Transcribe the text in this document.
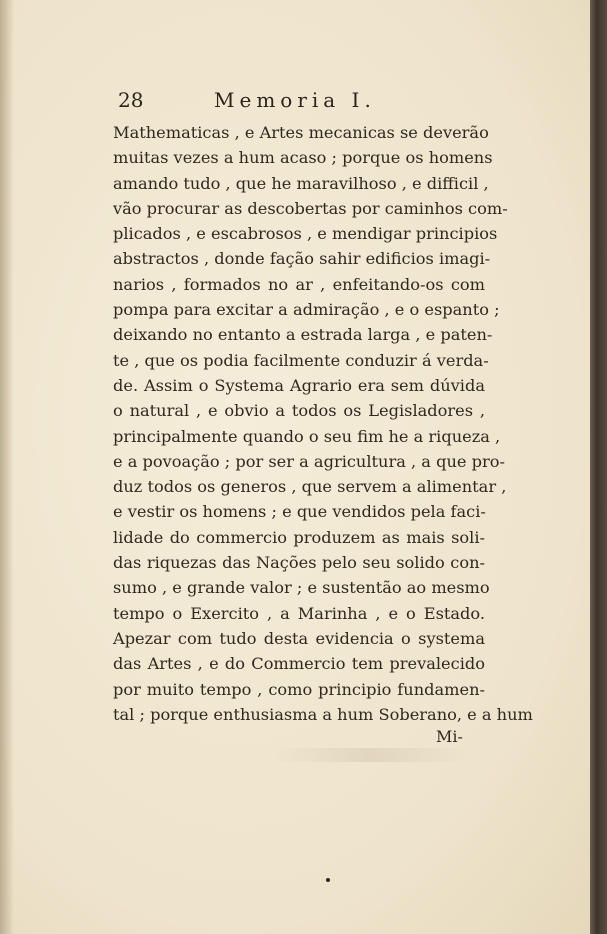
28	Memoria I.
Mathematicas , e Artes mecanicas se deverão
muitas vezes a hum acaso ; porque os homens
amando tudo , que he maravilhoso , e difficil ,
vão procurar as descobertas por caminhos com-
plicados , e escabrosos , e mendigar principios
abstractos , donde fação sahir edificios imagi-
narios , formados no ar , enfeitando-os com
pompa para excitar a admiração , e o espanto ;
deixando no entanto a estrada larga , e paten-
te , que os podia facilmente conduzir á verda-
de. Assim o Systema Agrario era sem dúvida
o natural , e obvio a todos os Legisladores ,
principalmente quando o seu fim he a riqueza ,
e a povoação ; por ser a agricultura , a que pro-
duz todos os generos , que servem a alimentar ,
e vestir os homens ; e que vendidos pela faci-
lidade do commercio produzem as mais soli-
das riquezas das Nações pelo seu solido con-
sumo , e grande valor ; e sustentão ao mesmo
tempo o Exercito , a Marinha , e o Estado.
Apezar com tudo desta evidencia o systema
das Artes , e do Commercio tem prevalecido
por muito tempo , como principio fundamen-
tal ; porque enthusiasma a hum Soberano, e a hum
Mi-
